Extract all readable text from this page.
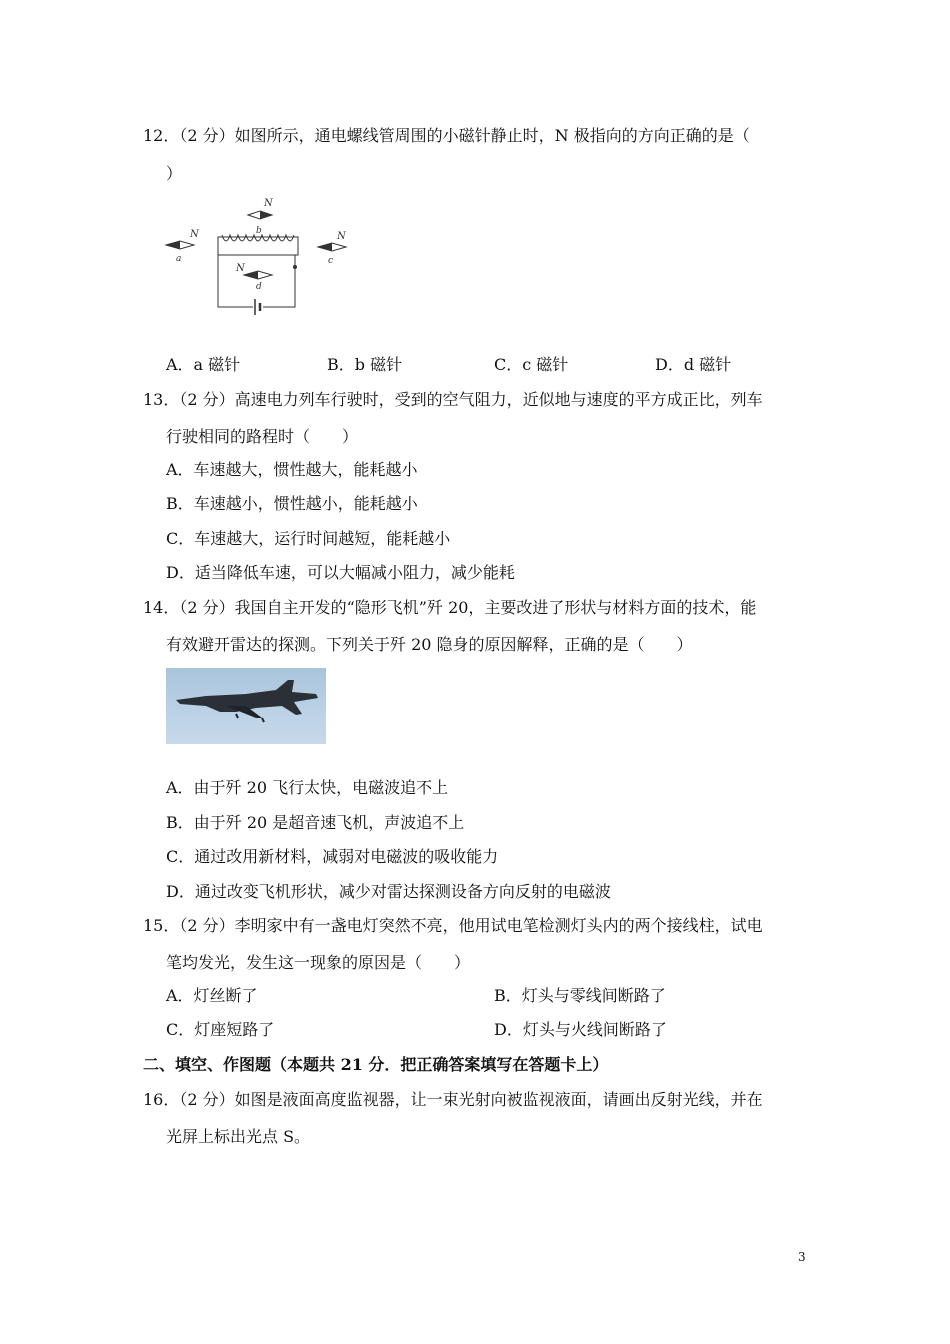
12．（2 分）如图所示，通电螺线管周围的小磁针静止时，N 极指向的方向正确的是（
）
N
b
N
a
N
c
N
d
A．a 磁针	B．b 磁针	C．c 磁针	D．d 磁针
13．（2 分）高速电力列车行驶时，受到的空气阻力，近似地与速度的平方成正比，列车
行驶相同的路程时（　　）
A．车速越大，惯性越大，能耗越小
B．车速越小，惯性越小，能耗越小
C．车速越大，运行时间越短，能耗越小
D．适当降低车速，可以大幅减小阻力，减少能耗
14．（2 分）我国自主开发的“隐形飞机”歼 20，主要改进了形状与材料方面的技术，能
有效避开雷达的探测。下列关于歼 20 隐身的原因解释，正确的是（　　）
A．由于歼 20 飞行太快，电磁波追不上
B．由于歼 20 是超音速飞机，声波追不上
C．通过改用新材料，减弱对电磁波的吸收能力
D．通过改变飞机形状，减少对雷达探测设备方向反射的电磁波
15．（2 分）李明家中有一盏电灯突然不亮，他用试电笔检测灯头内的两个接线柱，试电
笔均发光，发生这一现象的原因是（　　）
A．灯丝断了	B．灯头与零线间断路了
C．灯座短路了	D．灯头与火线间断路了
二、填空、作图题（本题共 21 分．把正确答案填写在答题卡上）
16．（2 分）如图是液面高度监视器，让一束光射向被监视液面，请画出反射光线，并在
光屏上标出光点 S。
3
